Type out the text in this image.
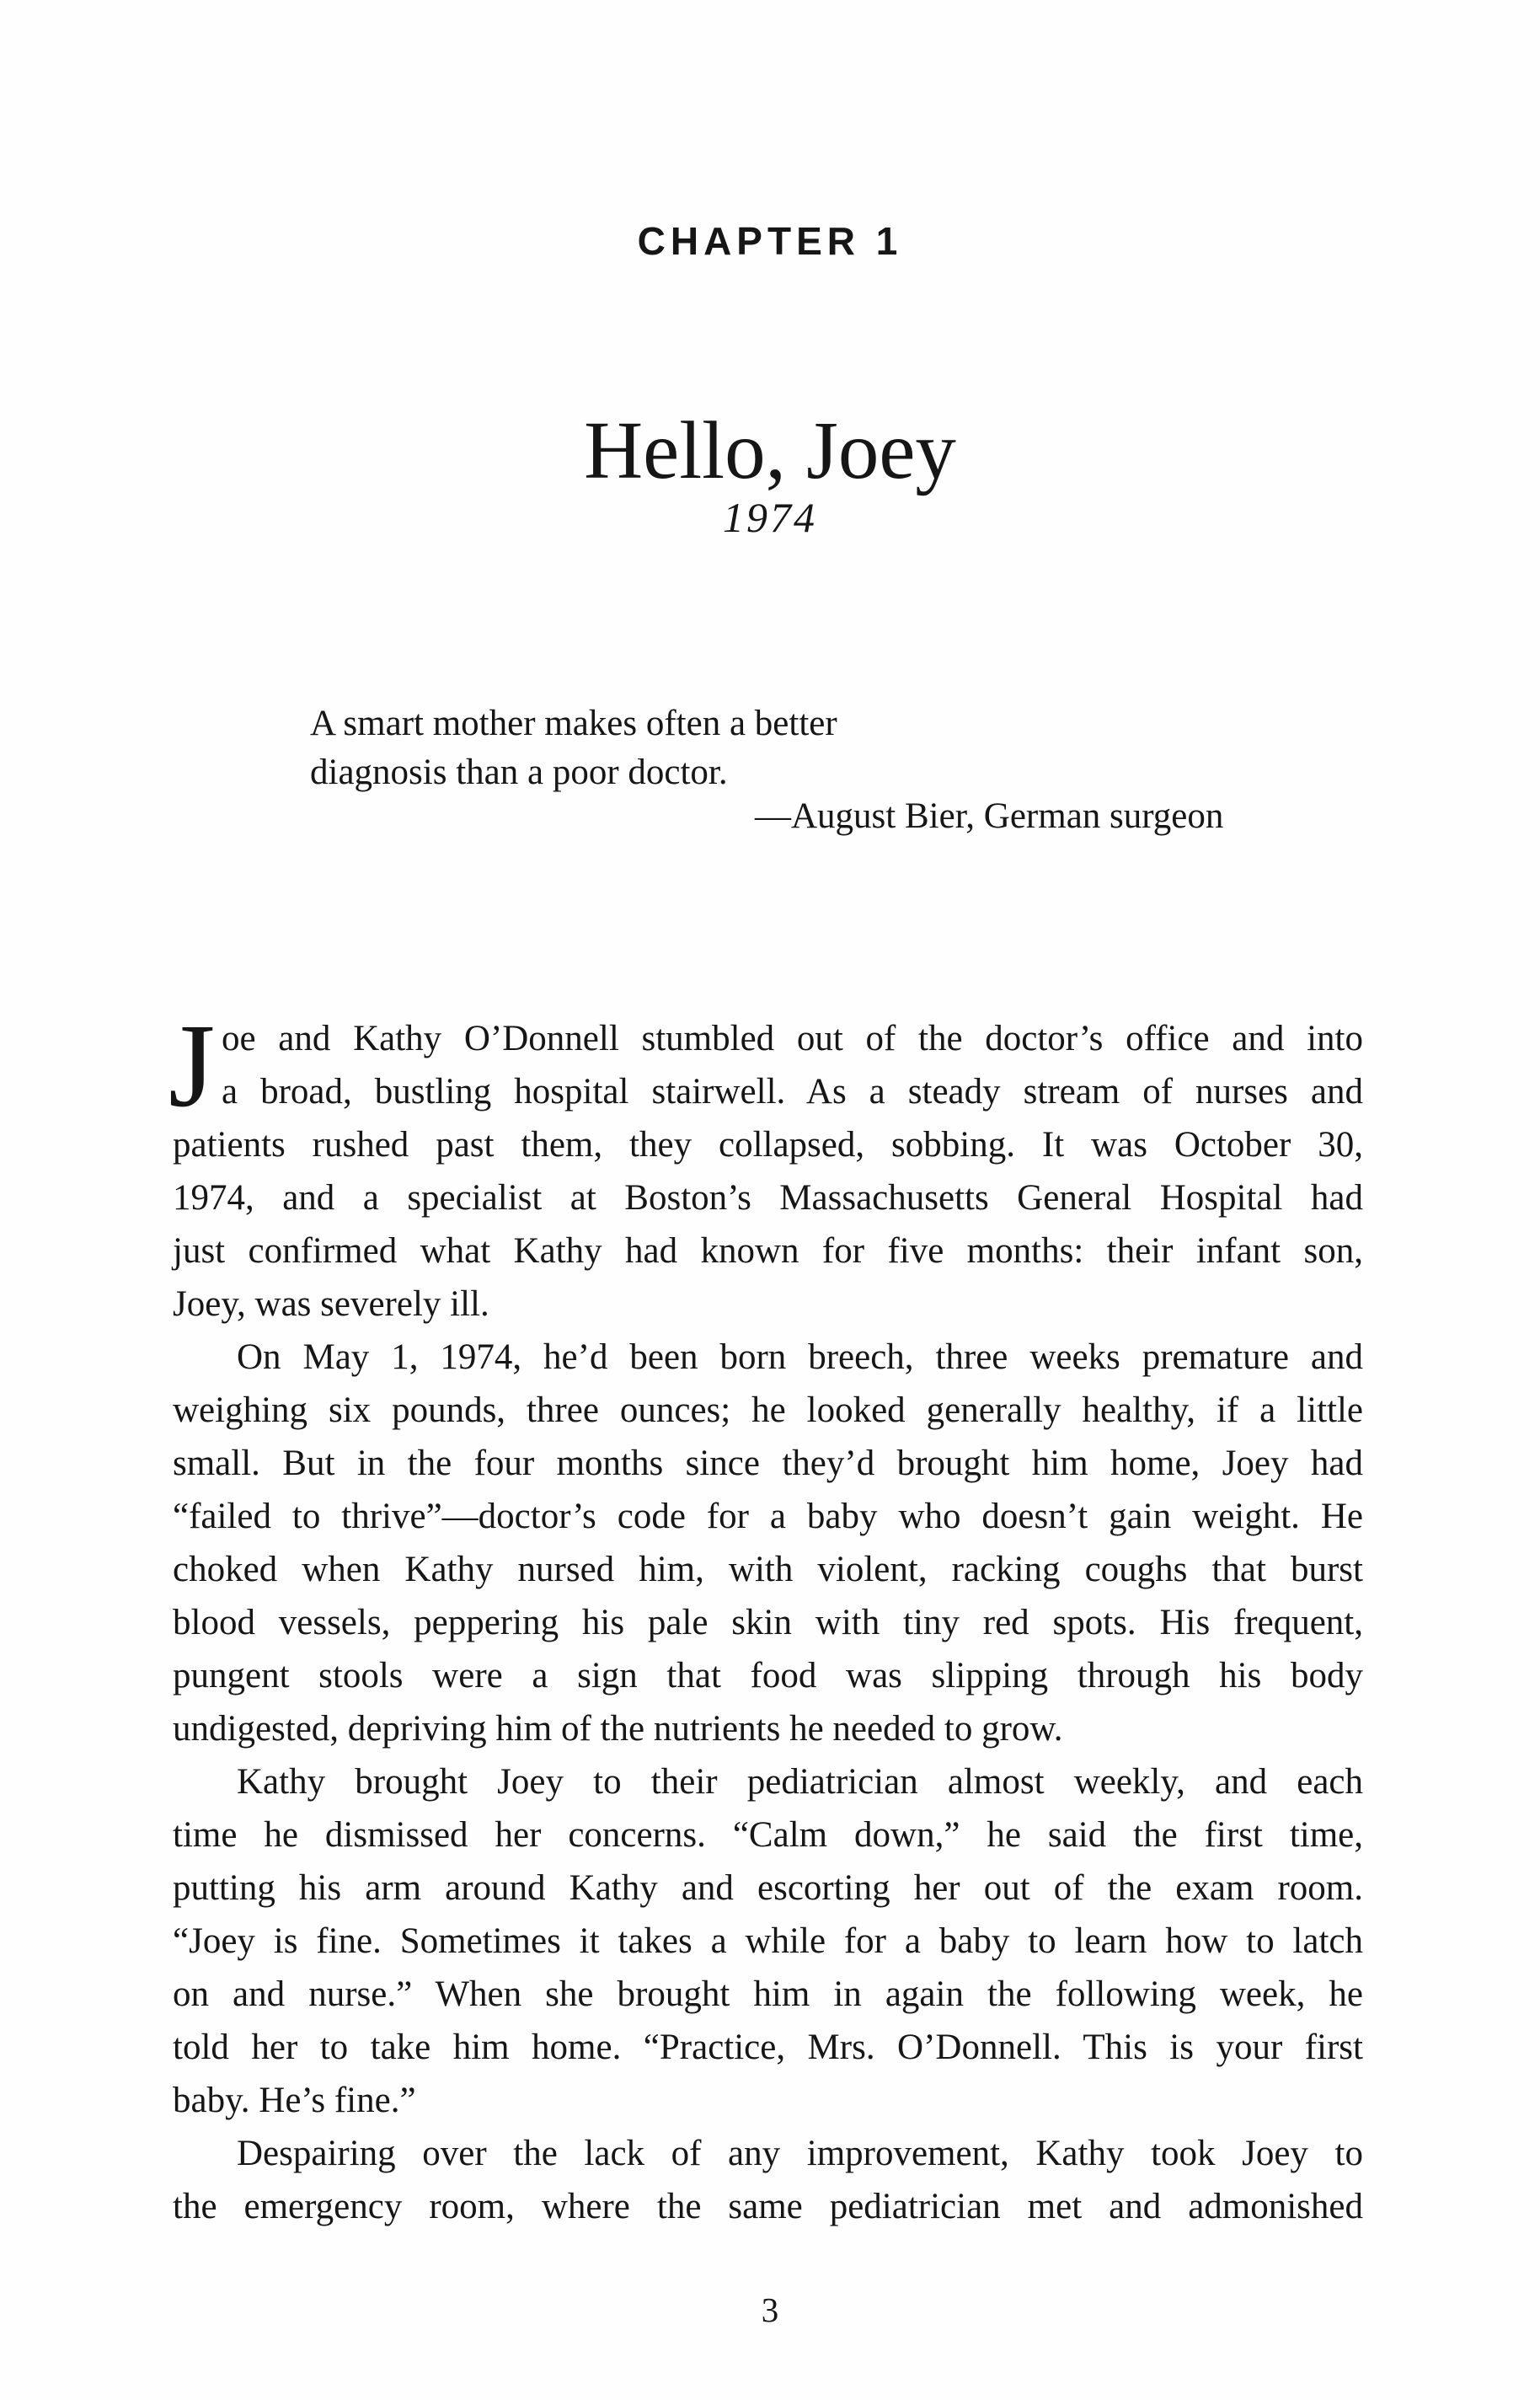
CHAPTER 1
Hello, Joey
1974
A smart mother makes often a better
diagnosis than a poor doctor.
—August Bier, German surgeon
J oe and Kathy O’Donnell stumbled out of the doctor’s office and into
a broad, bustling hospital stairwell. As a steady stream of nurses and
patients rushed past them, they collapsed, sobbing. It was October 30,
1974, and a specialist at Boston’s Massachusetts General Hospital had
just confirmed what Kathy had known for five months: their infant son,
Joey, was severely ill.
On May 1, 1974, he’d been born breech, three weeks premature and
weighing six pounds, three ounces; he looked generally healthy, if a little
small. But in the four months since they’d brought him home, Joey had
“failed to thrive”—doctor’s code for a baby who doesn’t gain weight. He
choked when Kathy nursed him, with violent, racking coughs that burst
blood vessels, peppering his pale skin with tiny red spots. His frequent,
pungent stools were a sign that food was slipping through his body
undigested, depriving him of the nutrients he needed to grow.
Kathy brought Joey to their pediatrician almost weekly, and each
time he dismissed her concerns. “Calm down,” he said the first time,
putting his arm around Kathy and escorting her out of the exam room.
“Joey is fine. Sometimes it takes a while for a baby to learn how to latch
on and nurse.” When she brought him in again the following week, he
told her to take him home. “Practice, Mrs. O’Donnell. This is your first
baby. He’s fine.”
Despairing over the lack of any improvement, Kathy took Joey to
the emergency room, where the same pediatrician met and admonished
3
